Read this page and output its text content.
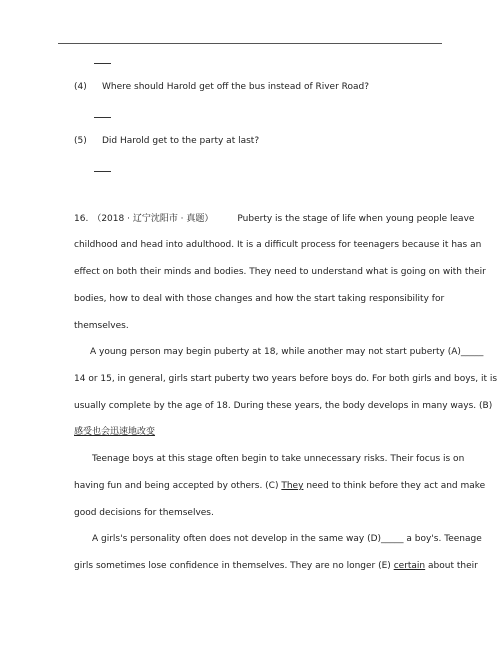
(4) Where should Harold get off the bus instead of River Road?
(5) Did Harold get to the party at last?
16. （2018 · 辽宁沈阳市 · 真题）	Puberty is the stage of life when young people leave
childhood and head into adulthood. It is a difficult process for teenagers because it has an
effect on both their minds and bodies. They need to understand what is going on with their
bodies, how to deal with those changes and how the start taking responsibility for
themselves.
A young person may begin puberty at 18, while another may not start puberty (A)_____
14 or 15, in general, girls start puberty two years before boys do. For both girls and boys, it is
usually complete by the age of 18. During these years, the body develops in many ways. (B)
感受也会迅速地改变
Teenage boys at this stage often begin to take unnecessary risks. Their focus is on
having fun and being accepted by others. (C) They need to think before they act and make
good decisions for themselves.
A girls's personality often does not develop in the same way (D)_____ a boy's. Teenage
girls sometimes lose confidence in themselves. They are no longer (E) certain about their
